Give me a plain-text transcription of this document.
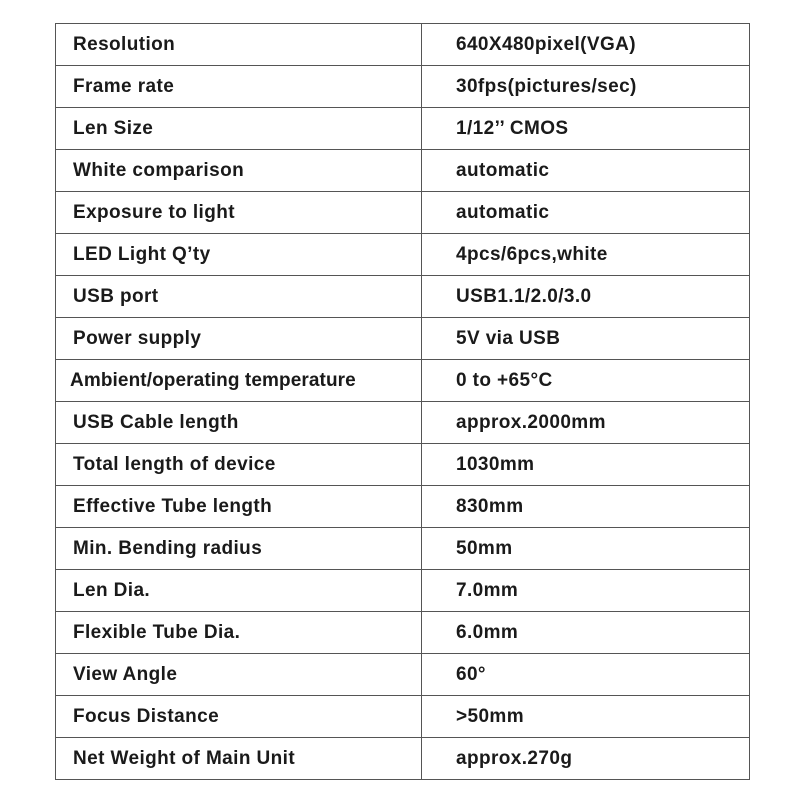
Resolution	640X480pixel(VGA)
Frame rate	30fps(pictures/sec)
Len Size	1/12’’ CMOS
White comparison	automatic
Exposure to light	automatic
LED Light Q’ty	4pcs/6pcs,white
USB port	USB1.1/2.0/3.0
Power supply	5V via USB
Ambient/operating temperature	0 to +65°C
USB Cable length	approx.2000mm
Total length of device	1030mm
Effective Tube length	830mm
Min. Bending radius	50mm
Len Dia.	7.0mm
Flexible Tube Dia.	6.0mm
View Angle	60°
Focus Distance	>50mm
Net Weight of Main Unit	approx.270g
